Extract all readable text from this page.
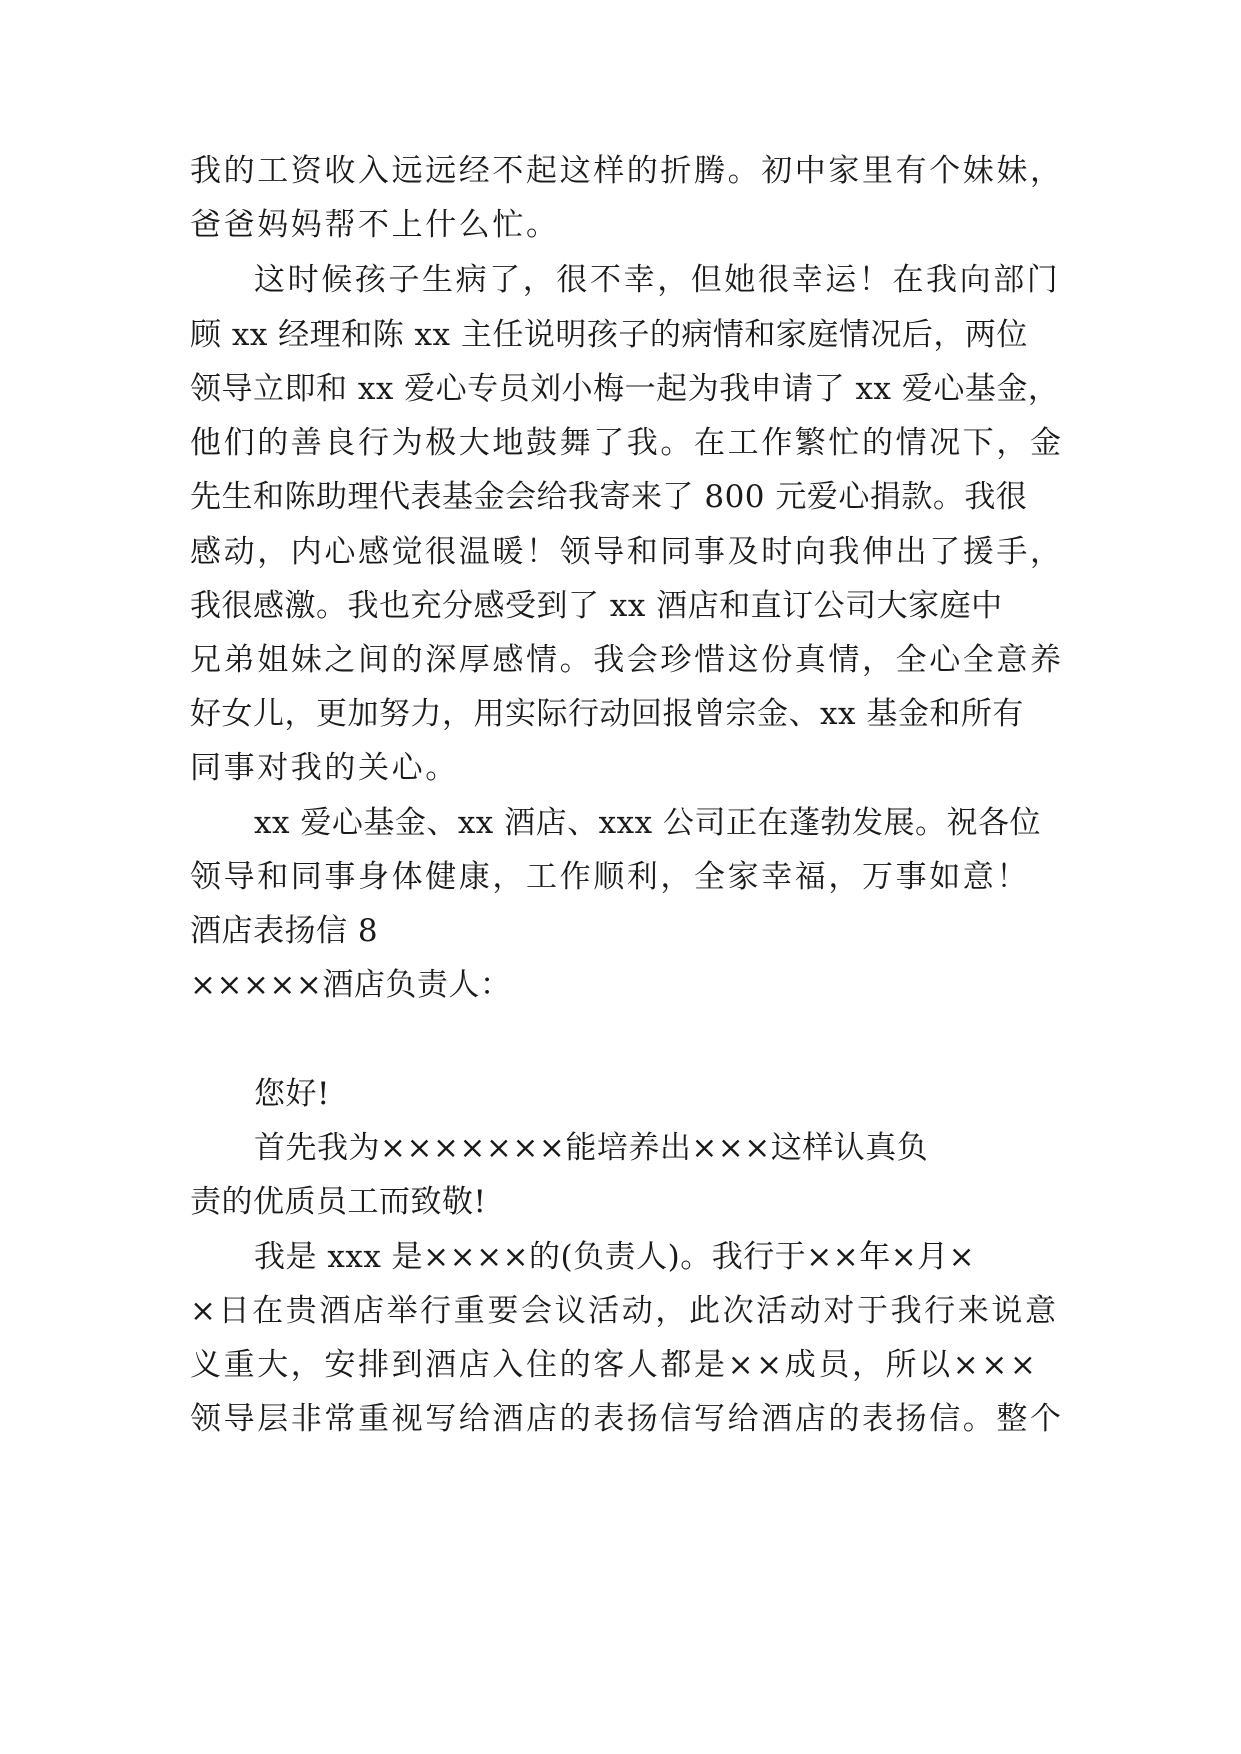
我的工资收入远远经不起这样的折腾。初中家里有个妹妹，
爸爸妈妈帮不上什么忙。
这时候孩子生病了，很不幸，但她很幸运！在我向部门
顾 xx 经理和陈 xx 主任说明孩子的病情和家庭情况后，两位
领导立即和 xx 爱心专员刘小梅一起为我申请了 xx 爱心基金，
他们的善良行为极大地鼓舞了我。在工作繁忙的情况下，金
先生和陈助理代表基金会给我寄来了 800 元爱心捐款。我很
感动，内心感觉很温暖！领导和同事及时向我伸出了援手，
我很感激。我也充分感受到了 xx 酒店和直订公司大家庭中
兄弟姐妹之间的深厚感情。我会珍惜这份真情，全心全意养
好女儿，更加努力，用实际行动回报曾宗金、xx 基金和所有
同事对我的关心。
xx 爱心基金、xx 酒店、xxx 公司正在蓬勃发展。祝各位
领导和同事身体健康，工作顺利，全家幸福，万事如意！
酒店表扬信 8
×××××酒店负责人：
您好!
首先我为×××××××能培养出×××这样认真负
责的优质员工而致敬!
我是 xxx 是××××的(负责人)。我行于××年×月×
×日在贵酒店举行重要会议活动，此次活动对于我行来说意
义重大，安排到酒店入住的客人都是××成员，所以×××
领导层非常重视写给酒店的表扬信写给酒店的表扬信。整个
